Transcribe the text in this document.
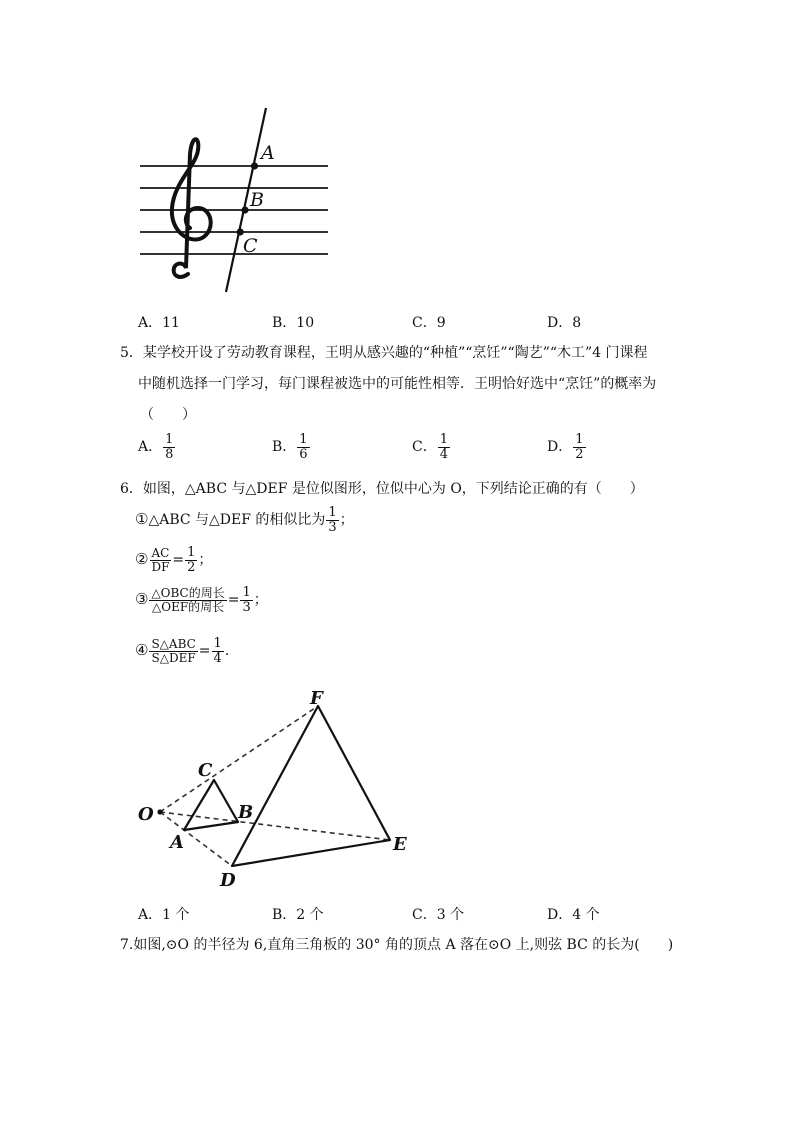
A
B
C
A．11	B．10	C．9	D．8
5．某学校开设了劳动教育课程，王明从感兴趣的“种植”“烹饪”“陶艺”“木工”4 门课程
中随机选择一门学习，每门课程被选中的可能性相等．王明恰好选中“烹饪”的概率为
（　　）
A． $\frac{1}{8}$	B． $\frac{1}{6}$	C． $\frac{1}{4}$	D． $\frac{1}{2}$
6．如图，△ABC 与△DEF 是位似图形，位似中心为 O，下列结论正确的有（　　）
①△ABC 与△DEF 的相似比为 $\frac{1}{3}$ ；
② $\frac{AC}{DF} = \frac{1}{2}$ ；
③ $\frac{\text{△OBC的周长}}{\text{△OEF的周长}} = \frac{1}{3}$ ；
④ $\frac{\text{S△ABC}}{\text{S△DEF}} = \frac{1}{4}$ .
O
A
B
C
D
E
F
A．1 个	B．2 个	C．3 个	D．4 个
7.如图,⊙O 的半径为 6,直角三角板的 30° 角的顶点 A 落在⊙O 上,则弦 BC 的长为(　　)
